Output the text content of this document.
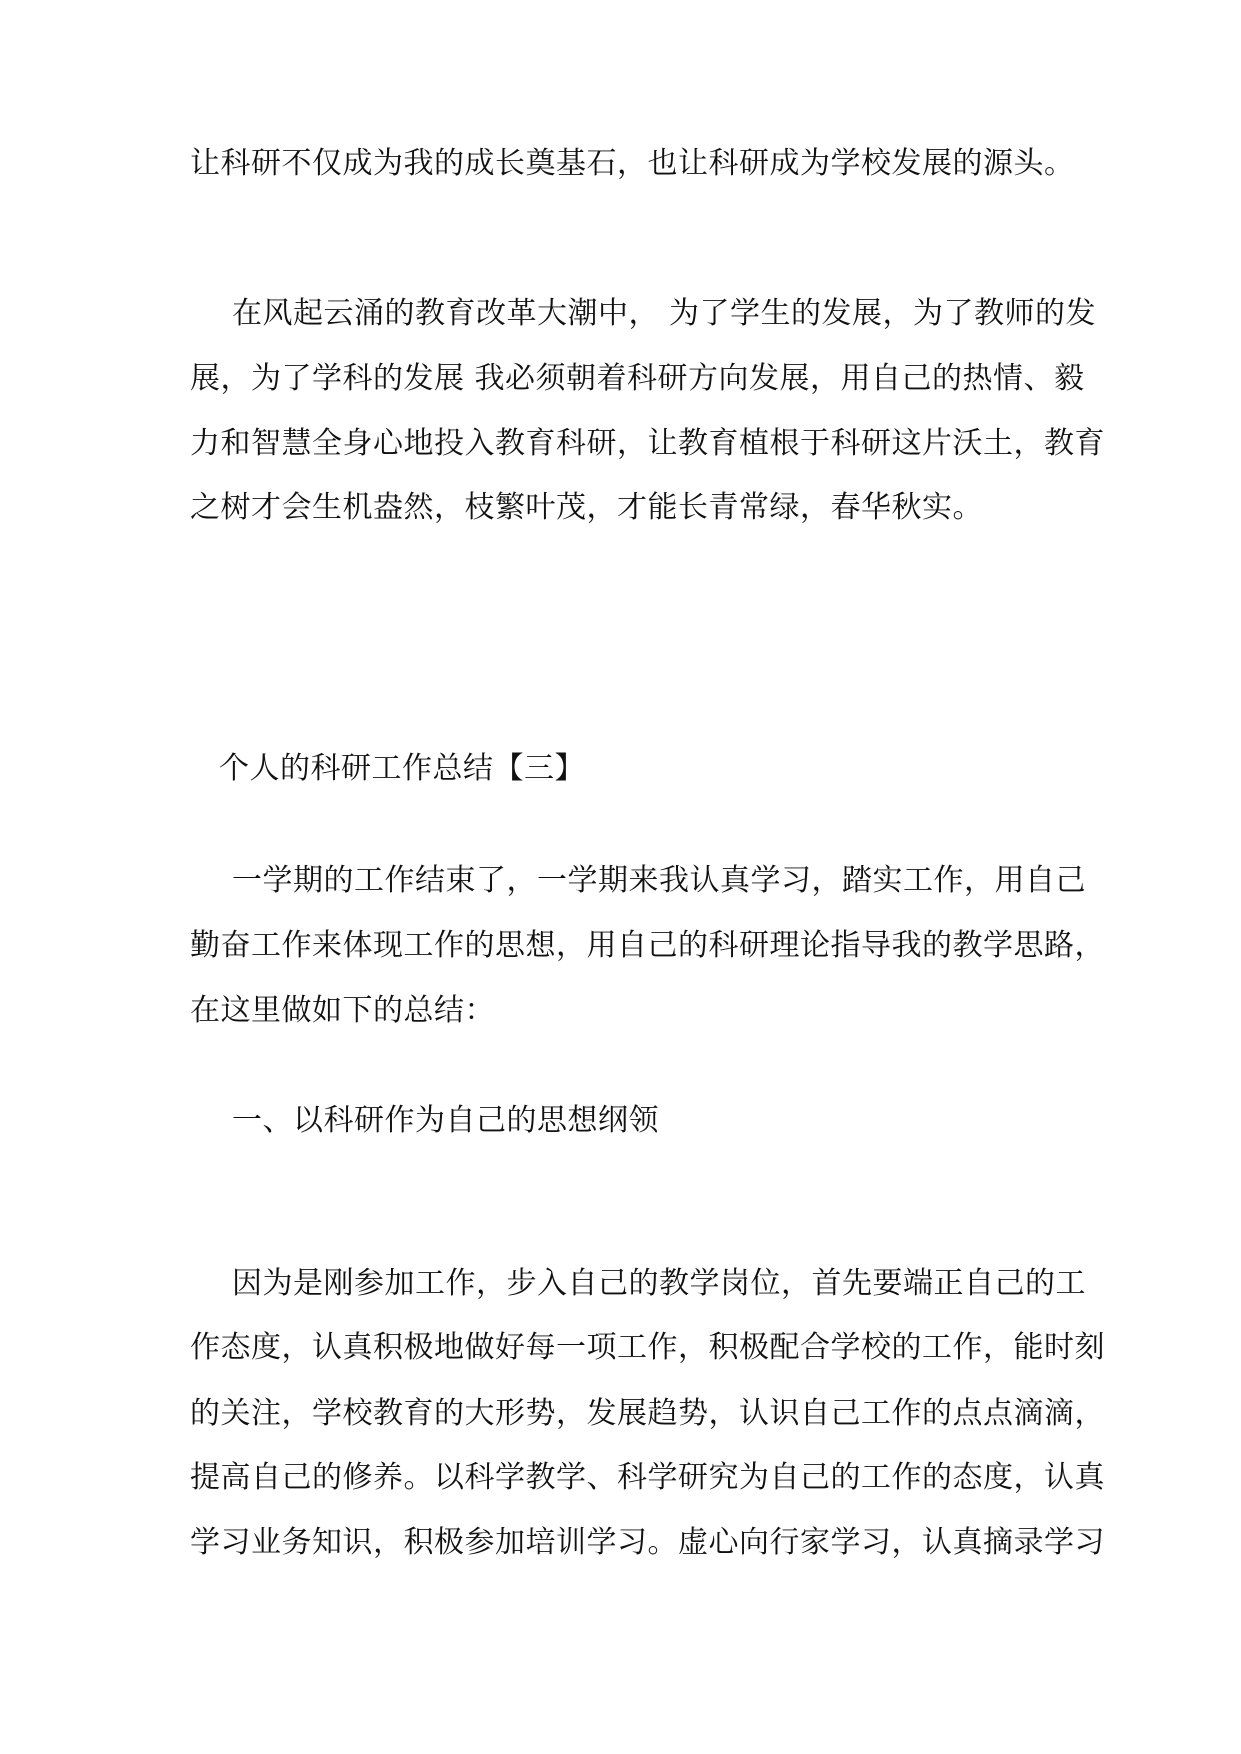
让科研不仅成为我的成长奠基石，也让科研成为学校发展的源头。
在风起云涌的教育改革大潮中， 为了学生的发展，为了教师的发
展，为了学科的发展 我必须朝着科研方向发展，用自己的热情、毅
力和智慧全身心地投入教育科研，让教育植根于科研这片沃土，教育
之树才会生机盎然，枝繁叶茂，才能长青常绿，春华秋实。
个人的科研工作总结【三】
一学期的工作结束了，一学期来我认真学习，踏实工作，用自己
勤奋工作来体现工作的思想，用自己的科研理论指导我的教学思路，
在这里做如下的总结：
一、以科研作为自己的思想纲领
因为是刚参加工作，步入自己的教学岗位，首先要端正自己的工
作态度，认真积极地做好每一项工作，积极配合学校的工作，能时刻
的关注，学校教育的大形势，发展趋势，认识自己工作的点点滴滴，
提高自己的修养。以科学教学、科学研究为自己的工作的态度，认真
学习业务知识，积极参加培训学习。虚心向行家学习，认真摘录学习
